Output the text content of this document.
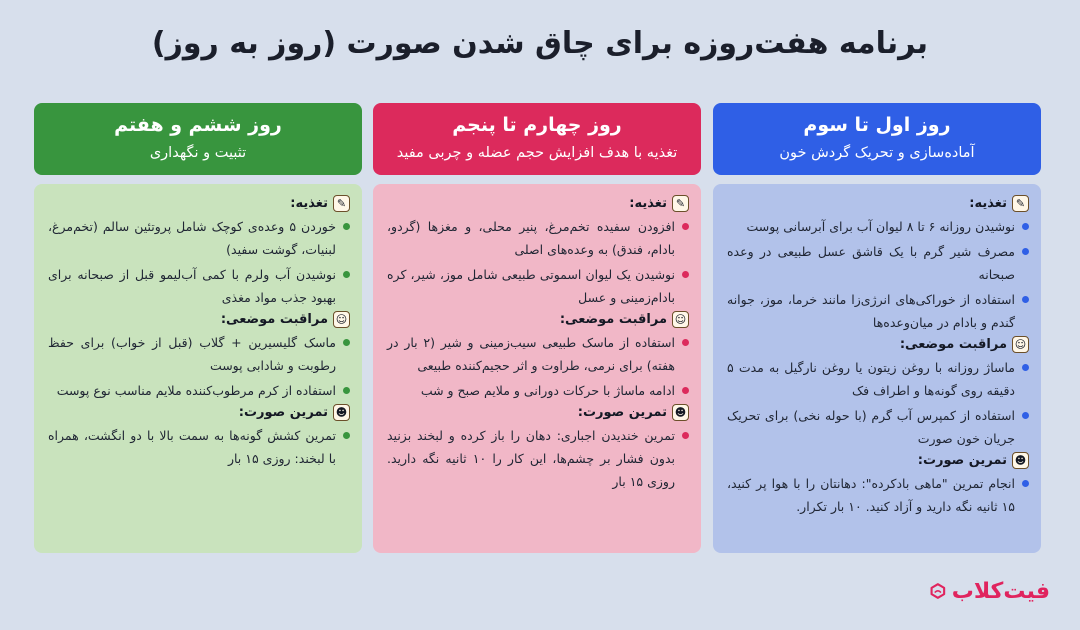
برنامه هفت‌روزه برای چاق شدن صورت (روز به روز)
روز اول تا سوم
آماده‌سازی و تحریک گردش خون
✎
تغذیه:
نوشیدن روزانه ۶ تا ۸ لیوان آب برای آبرسانی پوست
مصرف شیر گرم با یک قاشق عسل طبیعی در وعده صبحانه
استفاده از خوراکی‌های انرژی‌زا مانند خرما، موز، جوانه گندم و بادام در میان‌وعده‌ها
☺
مراقبت موضعی:
ماساژ روزانه با روغن زیتون یا روغن نارگیل به مدت ۵ دقیقه روی گونه‌ها و اطراف فک
استفاده از کمپرس آب گرم (با حوله نخی) برای تحریک جریان خون صورت
☻
تمرین صورت:
انجام تمرین "ماهی بادکرده": دهانتان را با هوا پر کنید، ۱۵ ثانیه نگه دارید و آزاد کنید. ۱۰ بار تکرار.
روز چهارم تا پنجم
تغذیه با هدف افزایش حجم عضله و چربی مفید
✎
تغذیه:
افزودن سفیده تخم‌مرغ، پنیر محلی، و مغزها (گردو، بادام، فندق) به وعده‌های اصلی
نوشیدن یک لیوان اسموتی طبیعی شامل موز، شیر، کره بادام‌زمینی و عسل
☺
مراقبت موضعی:
استفاده از ماسک طبیعی سیب‌زمینی و شیر (۲ بار در هفته) برای نرمی، طراوت و اثر حجیم‌کننده طبیعی
ادامه ماساژ با حرکات دورانی و ملایم صبح و شب
☻
تمرین صورت:
تمرین خندیدن اجباری: دهان را باز کرده و لبخند بزنید بدون فشار بر چشم‌ها، این کار را ۱۰ ثانیه نگه دارید. روزی ۱۵ بار
روز ششم و هفتم
تثبیت و نگهداری
✎
تغذیه:
خوردن ۵ وعده‌ی کوچک شامل پروتئین سالم (تخم‌مرغ، لبنیات، گوشت سفید)
نوشیدن آب ولرم با کمی آب‌لیمو قبل از صبحانه برای بهبود جذب مواد مغذی
☺
مراقبت موضعی:
ماسک گلیسیرین + گلاب (قبل از خواب) برای حفظ رطوبت و شادابی پوست
استفاده از کرم مرطوب‌کننده ملایم مناسب نوع پوست
☻
تمرین صورت:
تمرین کشش گونه‌ها به سمت بالا با دو انگشت، همراه با لبخند: روزی ۱۵ بار
فیت‌کلاب
